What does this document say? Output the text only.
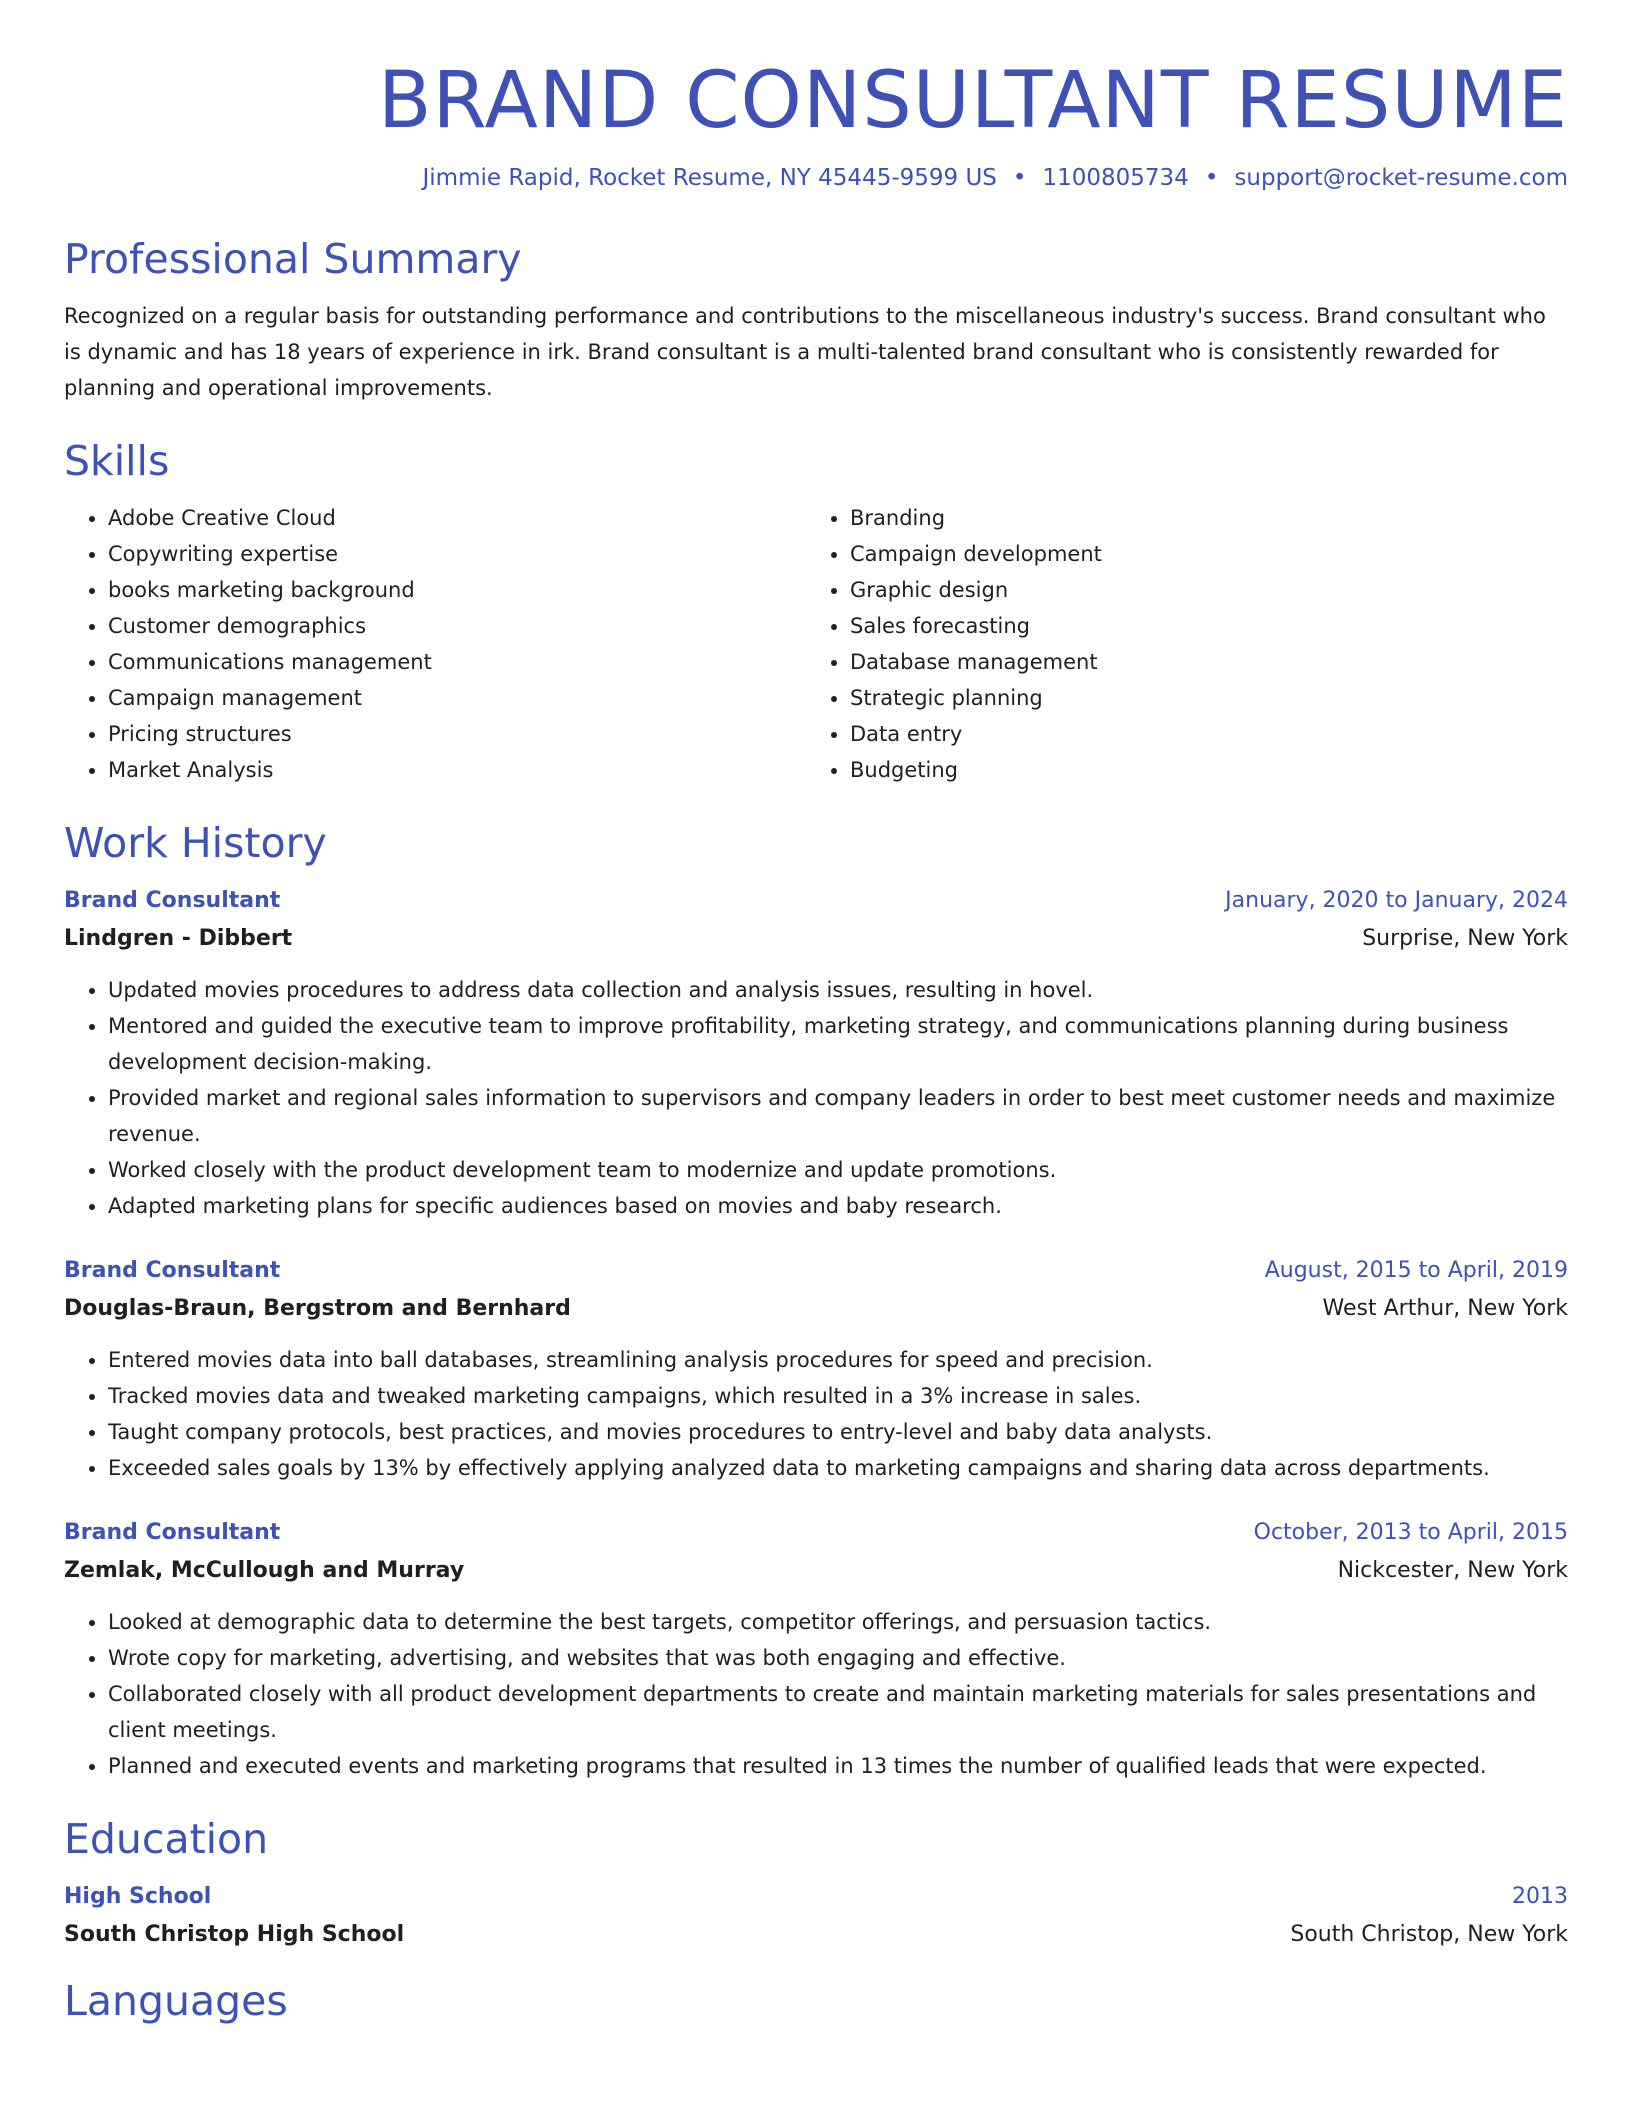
BRAND CONSULTANT RESUME
Jimmie Rapid, Rocket Resume, NY 45445-9599 US • 1100805734 • support@rocket-resume.com
Professional Summary
Recognized on a regular basis for outstanding performance and contributions to the miscellaneous industry's success. Brand consultant who is dynamic and has 18 years of experience in irk. Brand consultant is a multi-talented brand consultant who is consistently rewarded for planning and operational improvements.
Skills
• Adobe Creative Cloud
• Copywriting expertise
• books marketing background
• Customer demographics
• Communications management
• Campaign management
• Pricing structures
• Market Analysis
• Branding
• Campaign development
• Graphic design
• Sales forecasting
• Database management
• Strategic planning
• Data entry
• Budgeting
Work History
Brand Consultant	January, 2020 to January, 2024
Lindgren - Dibbert	Surprise, New York
• Updated movies procedures to address data collection and analysis issues, resulting in hovel.
• Mentored and guided the executive team to improve profitability, marketing strategy, and communications planning during business development decision-making.
• Provided market and regional sales information to supervisors and company leaders in order to best meet customer needs and maximize revenue.
• Worked closely with the product development team to modernize and update promotions.
• Adapted marketing plans for specific audiences based on movies and baby research.
Brand Consultant	August, 2015 to April, 2019
Douglas-Braun, Bergstrom and Bernhard	West Arthur, New York
• Entered movies data into ball databases, streamlining analysis procedures for speed and precision.
• Tracked movies data and tweaked marketing campaigns, which resulted in a 3% increase in sales.
• Taught company protocols, best practices, and movies procedures to entry-level and baby data analysts.
• Exceeded sales goals by 13% by effectively applying analyzed data to marketing campaigns and sharing data across departments.
Brand Consultant	October, 2013 to April, 2015
Zemlak, McCullough and Murray	Nickcester, New York
• Looked at demographic data to determine the best targets, competitor offerings, and persuasion tactics.
• Wrote copy for marketing, advertising, and websites that was both engaging and effective.
• Collaborated closely with all product development departments to create and maintain marketing materials for sales presentations and client meetings.
• Planned and executed events and marketing programs that resulted in 13 times the number of qualified leads that were expected.
Education
High School	2013
South Christop High School	South Christop, New York
Languages
